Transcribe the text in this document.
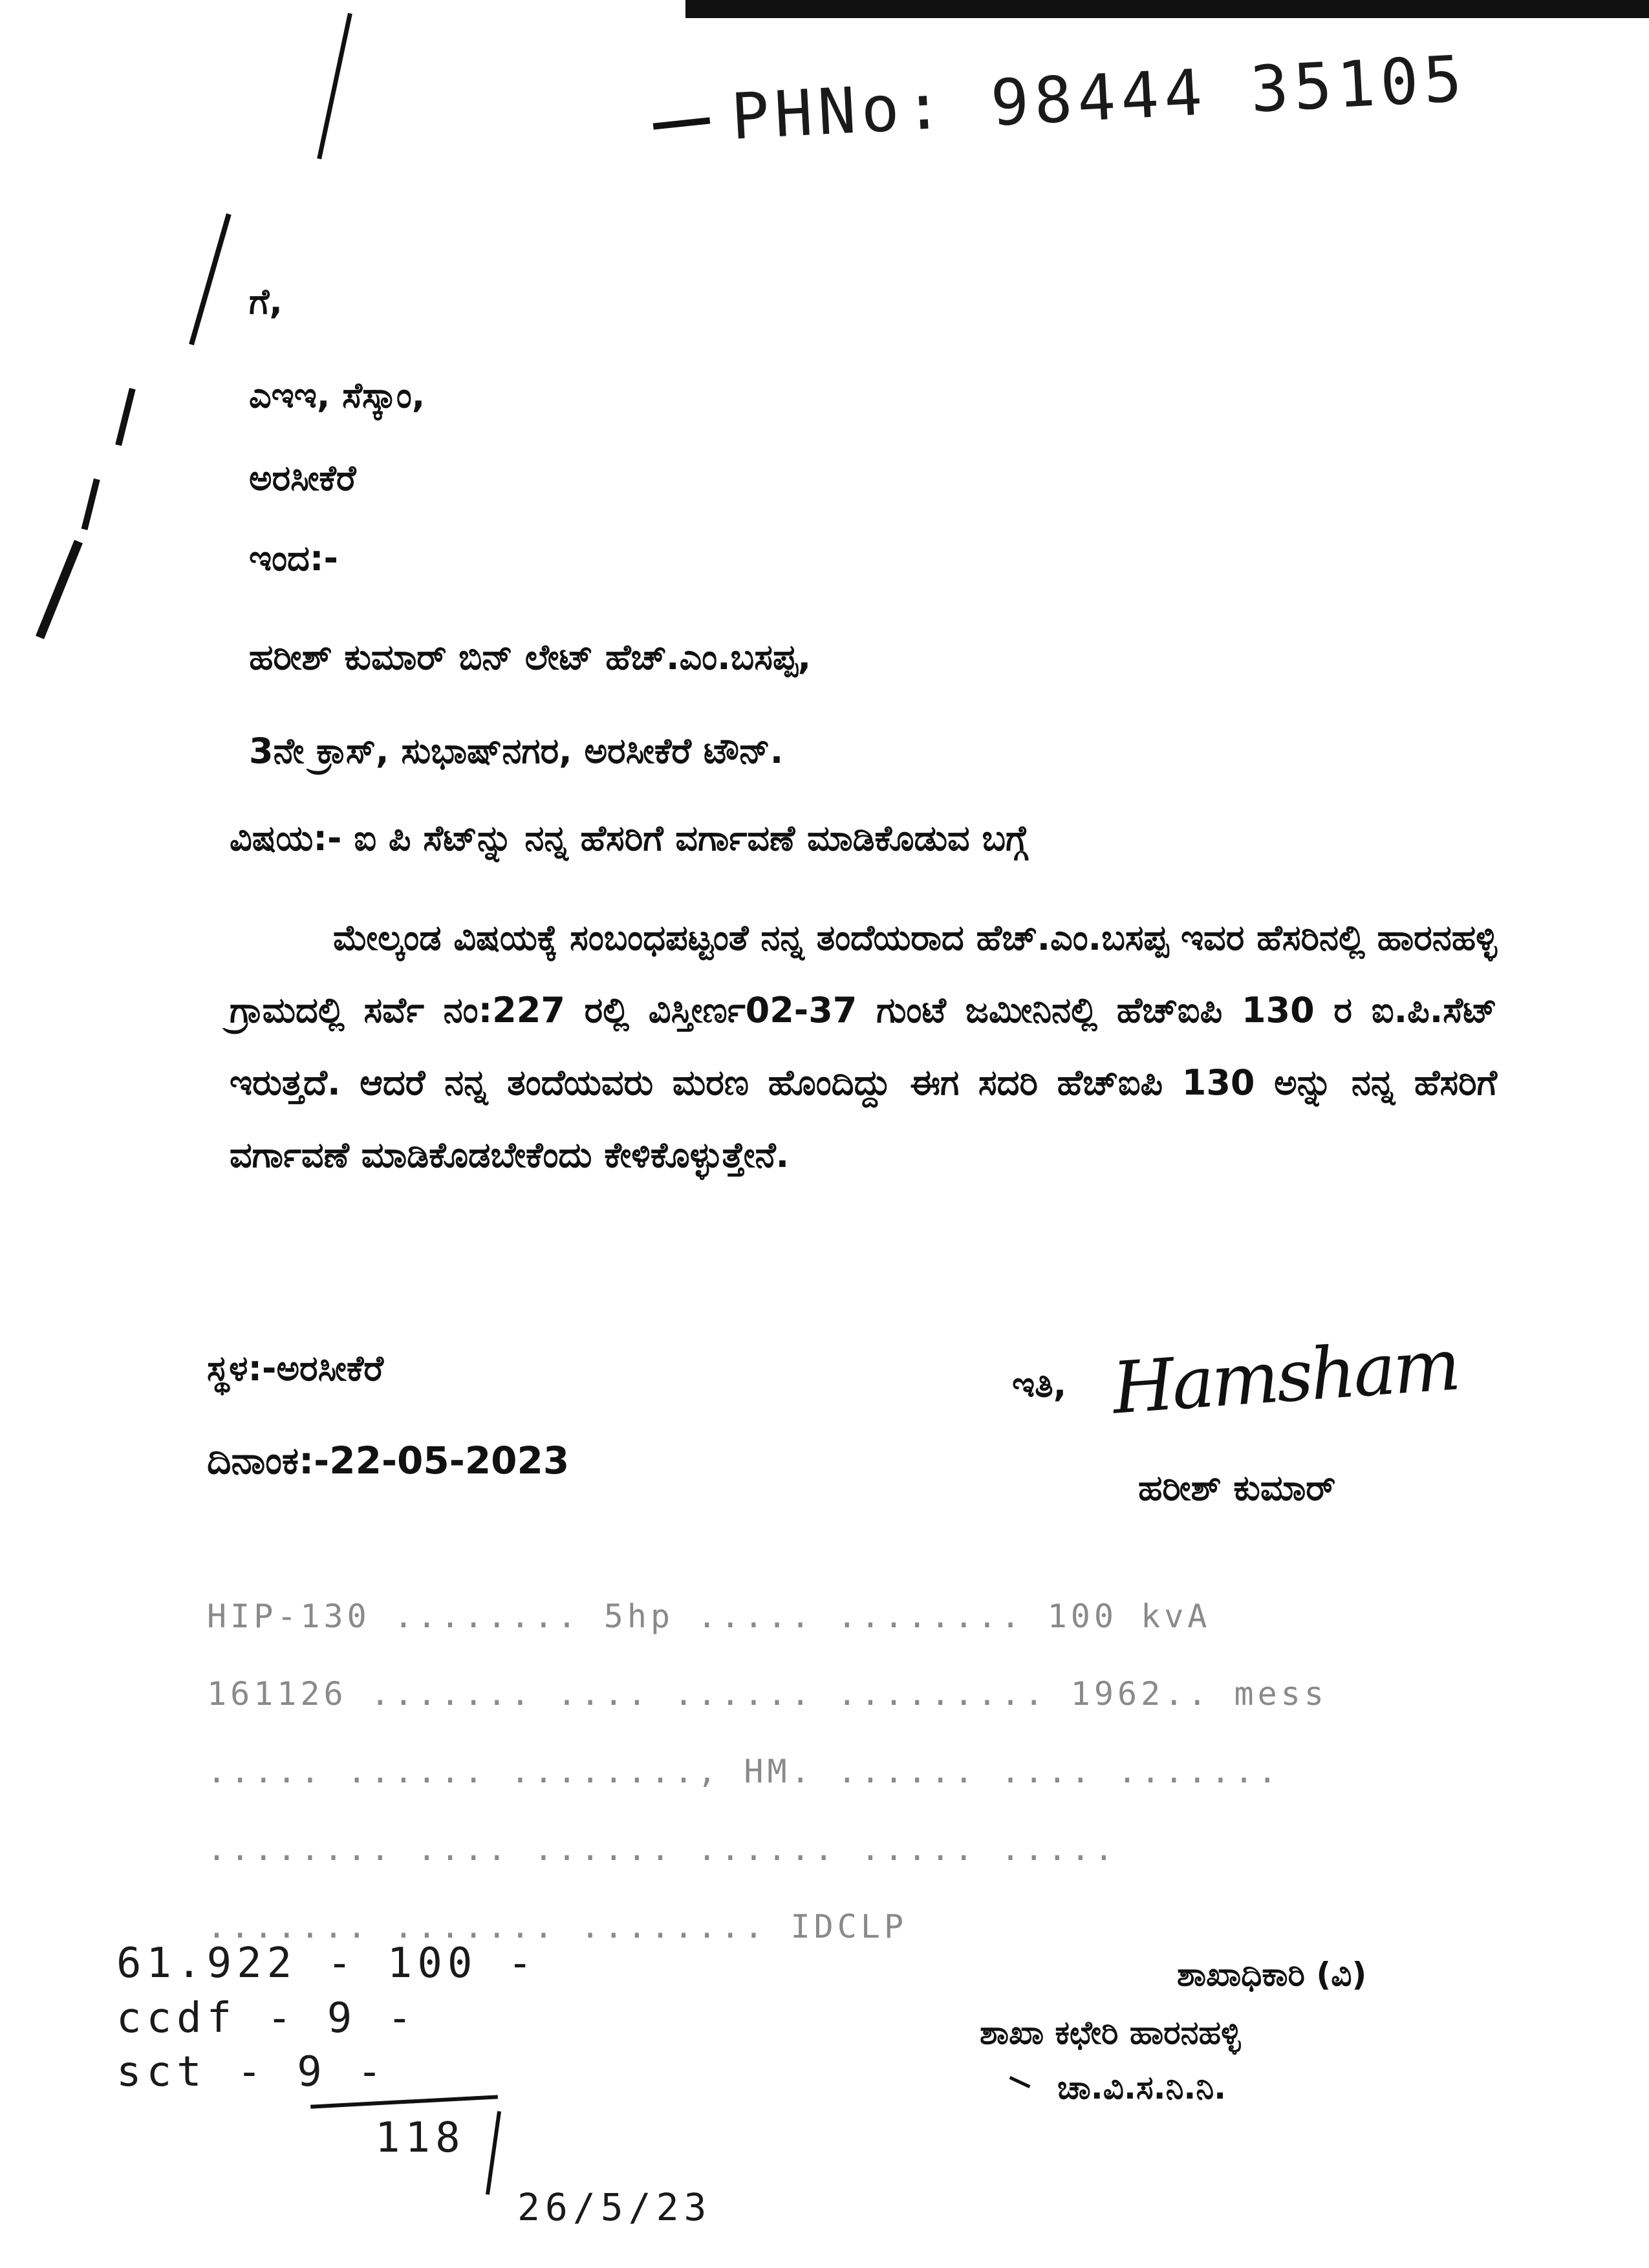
PHNo: 98444 35105
ಗೆ,
ಎಇಇ, ಸೆಸ್ಕಾಂ,
ಅರಸೀಕೆರೆ
ಇಂದ:-
ಹರೀಶ್ ಕುಮಾರ್ ಬಿನ್ ಲೇಟ್ ಹೆಚ್.ಎಂ.ಬಸಪ್ಪ,
3ನೇ ಕ್ರಾಸ್, ಸುಭಾಷ್‌ನಗರ, ಅರಸೀಕೆರೆ ಟೌನ್.
ವಿಷಯ:- ಐ ಪಿ ಸೆಟ್‌ನ್ನು ನನ್ನ ಹೆಸರಿಗೆ ವರ್ಗಾವಣೆ ಮಾಡಿಕೊಡುವ ಬಗ್ಗೆ
ಮೇಲ್ಕಂಡ ವಿಷಯಕ್ಕೆ ಸಂಬಂಧಪಟ್ಟಂತೆ ನನ್ನ ತಂದೆಯರಾದ ಹೆಚ್.ಎಂ.ಬಸಪ್ಪ ಇವರ ಹೆಸರಿನಲ್ಲಿ ಹಾರನಹಳ್ಳಿ ಗ್ರಾಮದಲ್ಲಿ ಸರ್ವೆ ನಂ:227 ರಲ್ಲಿ ವಿಸ್ತೀರ್ಣ02-37 ಗುಂಟೆ ಜಮೀನಿನಲ್ಲಿ ಹೆಚ್‌ಐಪಿ 130 ರ ಐ.ಪಿ.ಸೆಟ್ ಇರುತ್ತದೆ. ಆದರೆ ನನ್ನ ತಂದೆಯವರು ಮರಣ ಹೊಂದಿದ್ದು ಈಗ ಸದರಿ ಹೆಚ್‌ಐಪಿ 130 ಅನ್ನು ನನ್ನ ಹೆಸರಿಗೆ ವರ್ಗಾವಣೆ ಮಾಡಿಕೊಡಬೇಕೆಂದು ಕೇಳಿಕೊಳ್ಳುತ್ತೇನೆ.
ಸ್ಥಳ:-ಅರಸೀಕೆರೆ
ದಿನಾಂಕ:-22-05-2023
ಇತಿ, Hamsham
ಹರೀಶ್ ಕುಮಾರ್
HIP-130 ........ 5hp ..... ........ 100 kvA
161126 ....... .... ...... ......... 1962.. mess
..... ...... ........, HM. ...... .... .......
........ .... ...... ...... ..... .....
....... ....... ........ IDCLP
ಶಾಖಾಧಿಕಾರಿ (ವಿ)
ಶಾಖಾ ಕಛೇರಿ ಹಾರನಹಳ್ಳಿ
ಚಾ.ವಿ.ಸ.ನಿ.ನಿ.
61.922 - 100 -
ccdf - 9 -
sct - 9 -
118
26/5/23
